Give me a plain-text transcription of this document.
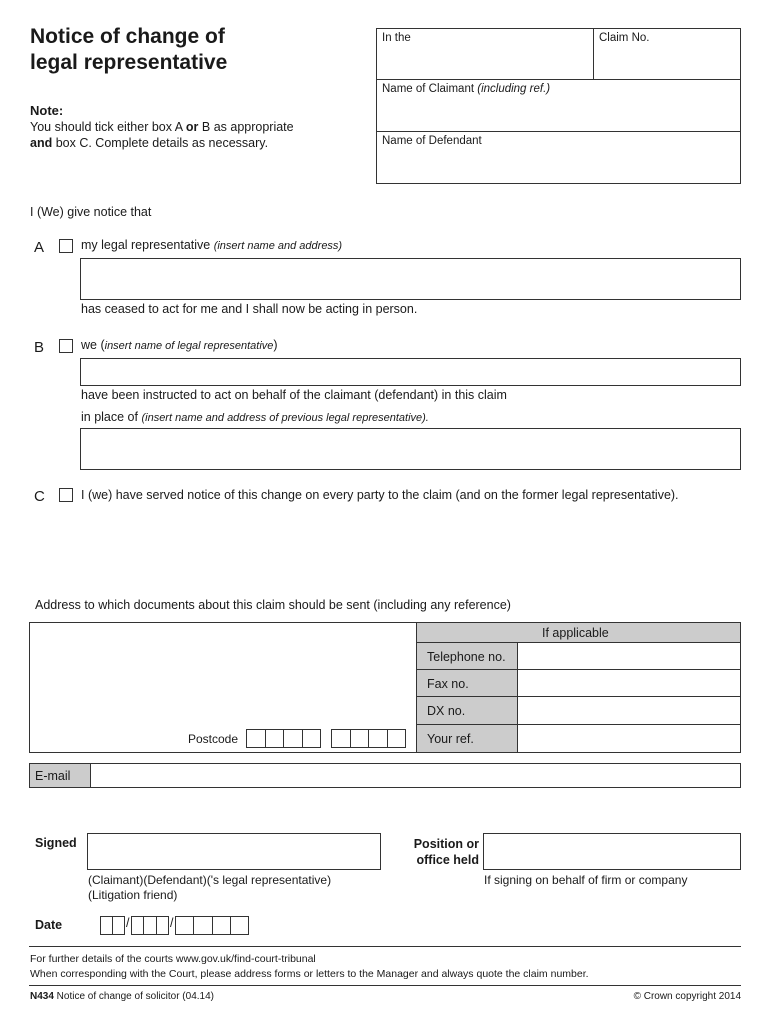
Notice of change of
legal representative
Note:
You should tick either box A or B as appropriate
and box C. Complete details as necessary.
In the	Claim No.
Name of Claimant (including ref.)
Name of Defendant
I (We) give notice that
A	my legal representative (insert name and address)
has ceased to act for me and I shall now be acting in person.
B	we (insert name of legal representative)
have been instructed to act on behalf of the claimant (defendant) in this claim
in place of (insert name and address of previous legal representative).
C	I (we) have served notice of this change on every party to the claim (and on the former legal representative).
Address to which documents about this claim should be sent (including any reference)
Postcode
If applicable
Telephone no.
Fax no.
DX no.
Your ref.
E-mail
Signed	Position or
office held
(Claimant)(Defendant)('s legal representative)
(Litigation friend)
If signing on behalf of firm or company
Date	/	/
For further details of the courts www.gov.uk/find-court-tribunal
When corresponding with the Court, please address forms or letters to the Manager and always quote the claim number.
N434 Notice of change of solicitor (04.14)	© Crown copyright 2014
